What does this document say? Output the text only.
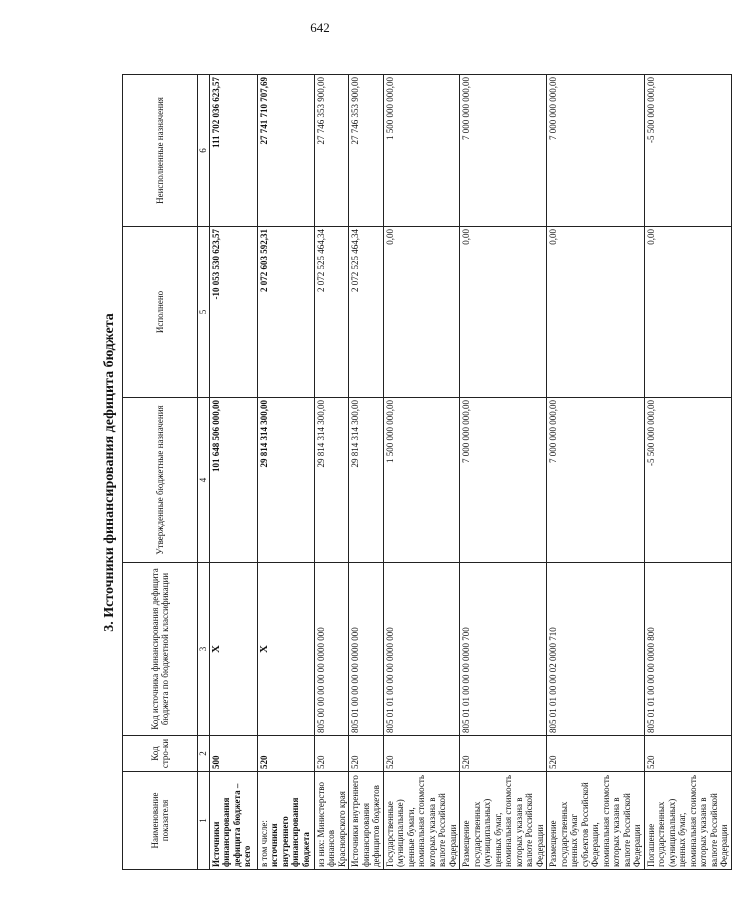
642
3. Источники финансирования дефицита бюджета
Наименование показателя	Код стро-ки	Код источника финансирования дефицита бюджета по бюджетной классификации	Утвержденные бюджетные назначения	Исполнено	Неисполненные назначения
1	2	3	4	5	6
Источники финансирования дефицита бюджета – всего	500	X	101 648 506 000,00	-10 053 530 623,57	111 702 036 623,57

в том числе: источники внутреннего финансирования бюджета	520	X	29 814 314 300,00	2 072 603 592,31	27 741 710 707,69
из них: Министерство финансов Красноярского края	520	805 00 00 00 00 00 0000 000	29 814 314 300,00	2 072 525 464,34	27 746 353 900,00
Источники внутреннего финансирования дефицитов бюджетов	520	805 01 00 00 00 00 0000 000	29 814 314 300,00	2 072 525 464,34	27 746 353 900,00
Государственные (муниципальные) ценные бумаги, номинальная стоимость которых указана в валюте Российской Федерации	520	805 01 01 00 00 00 0000 000	1 500 000 000,00	0,00	1 500 000 000,00
Размещение государственных (муниципальных) ценных бумаг, номинальная стоимость которых указана в валюте Российской Федерации	520	805 01 01 00 00 00 0000 700	7 000 000 000,00	0,00	7 000 000 000,00
Размещение государственных ценных бумаг субъектов Российской Федерации, номинальная стоимость которых указана в валюте Российской Федерации	520	805 01 01 00 00 02 0000 710	7 000 000 000,00	0,00	7 000 000 000,00
Погашение государственных (муниципальных) ценных бумаг, номинальная стоимость которых указана в валюте Российской Федерации	520	805 01 01 00 00 00 0000 800	-5 500 000 000,00	0,00	-5 500 000 000,00
